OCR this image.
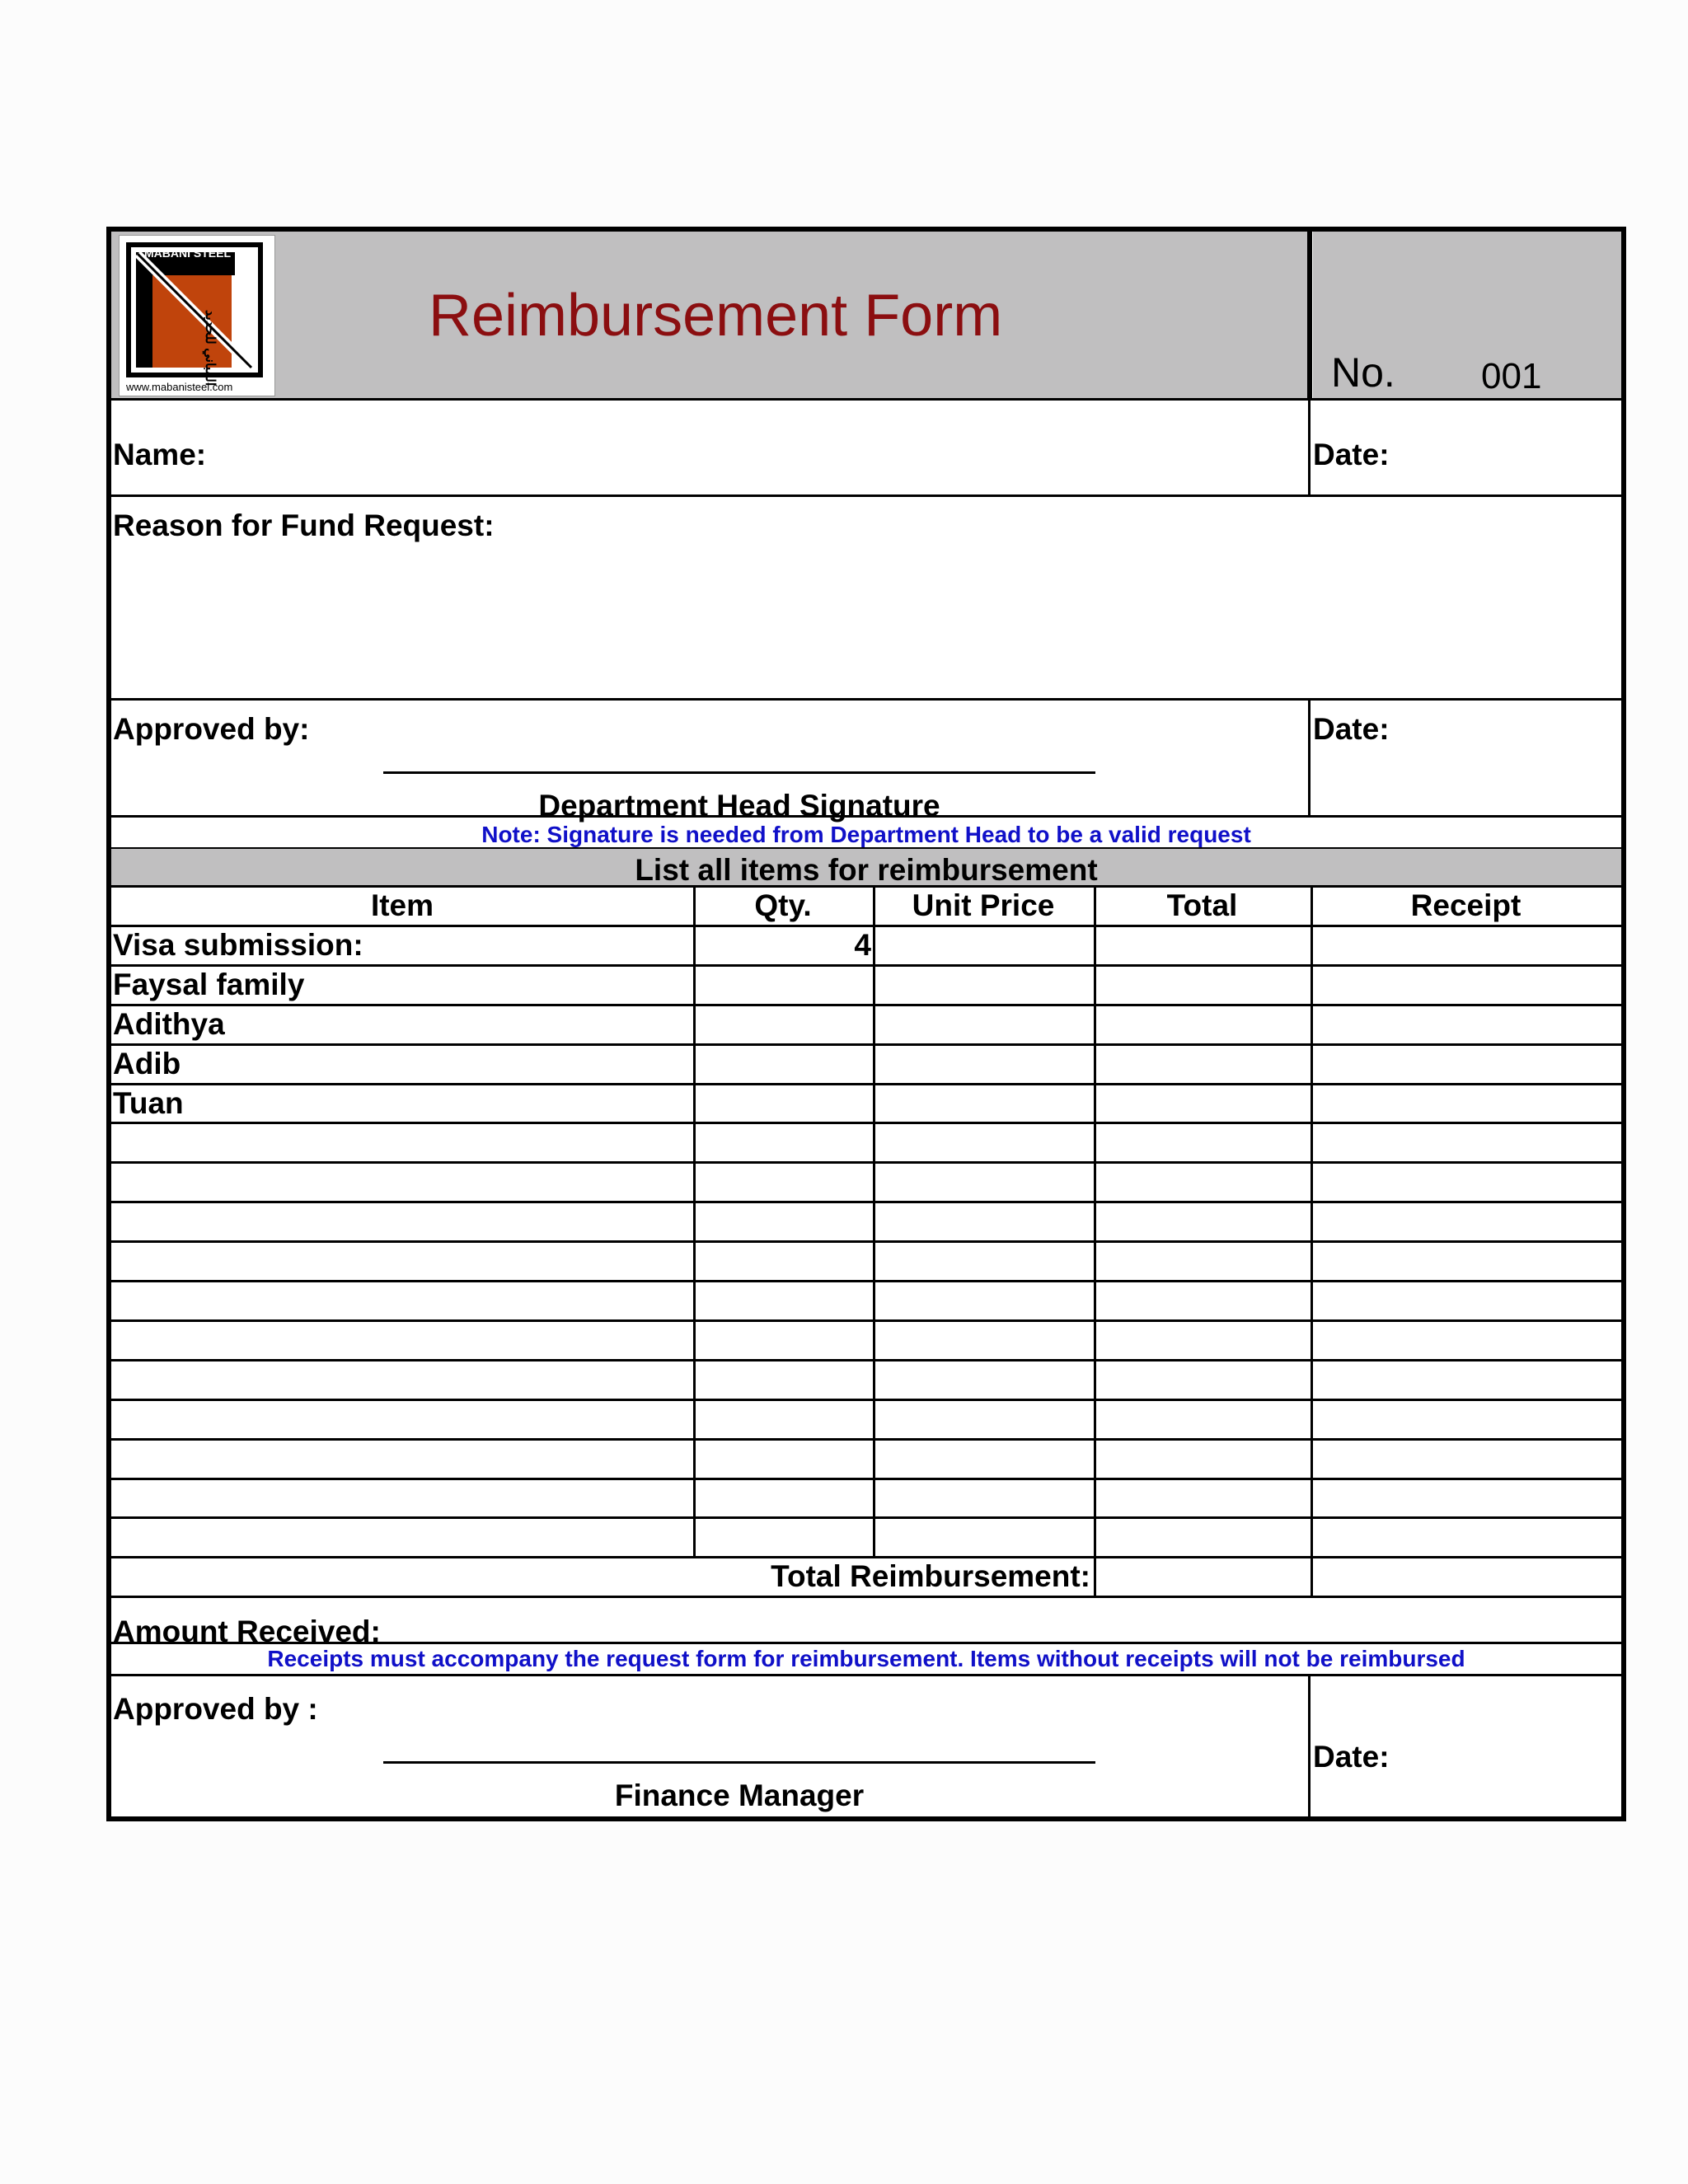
MABANI STEEL
المباني للحديد
www.mabanisteel.com
Reimbursement Form
No. 001
Name:	Date:
Reason for Fund Request:
Approved by:
Department Head Signature
Date:
Note: Signature is needed from Department Head to be a valid request
List all items for reimbursement
Item	Qty.	Unit Price	Total	Receipt
Visa submission:	4
Faysal family
Adithya
Adib
Tuan
Total Reimbursement:
Amount Received:
Receipts must accompany the request form for reimbursement. Items without receipts will not be reimbursed
Approved by :
Finance Manager
Date:
